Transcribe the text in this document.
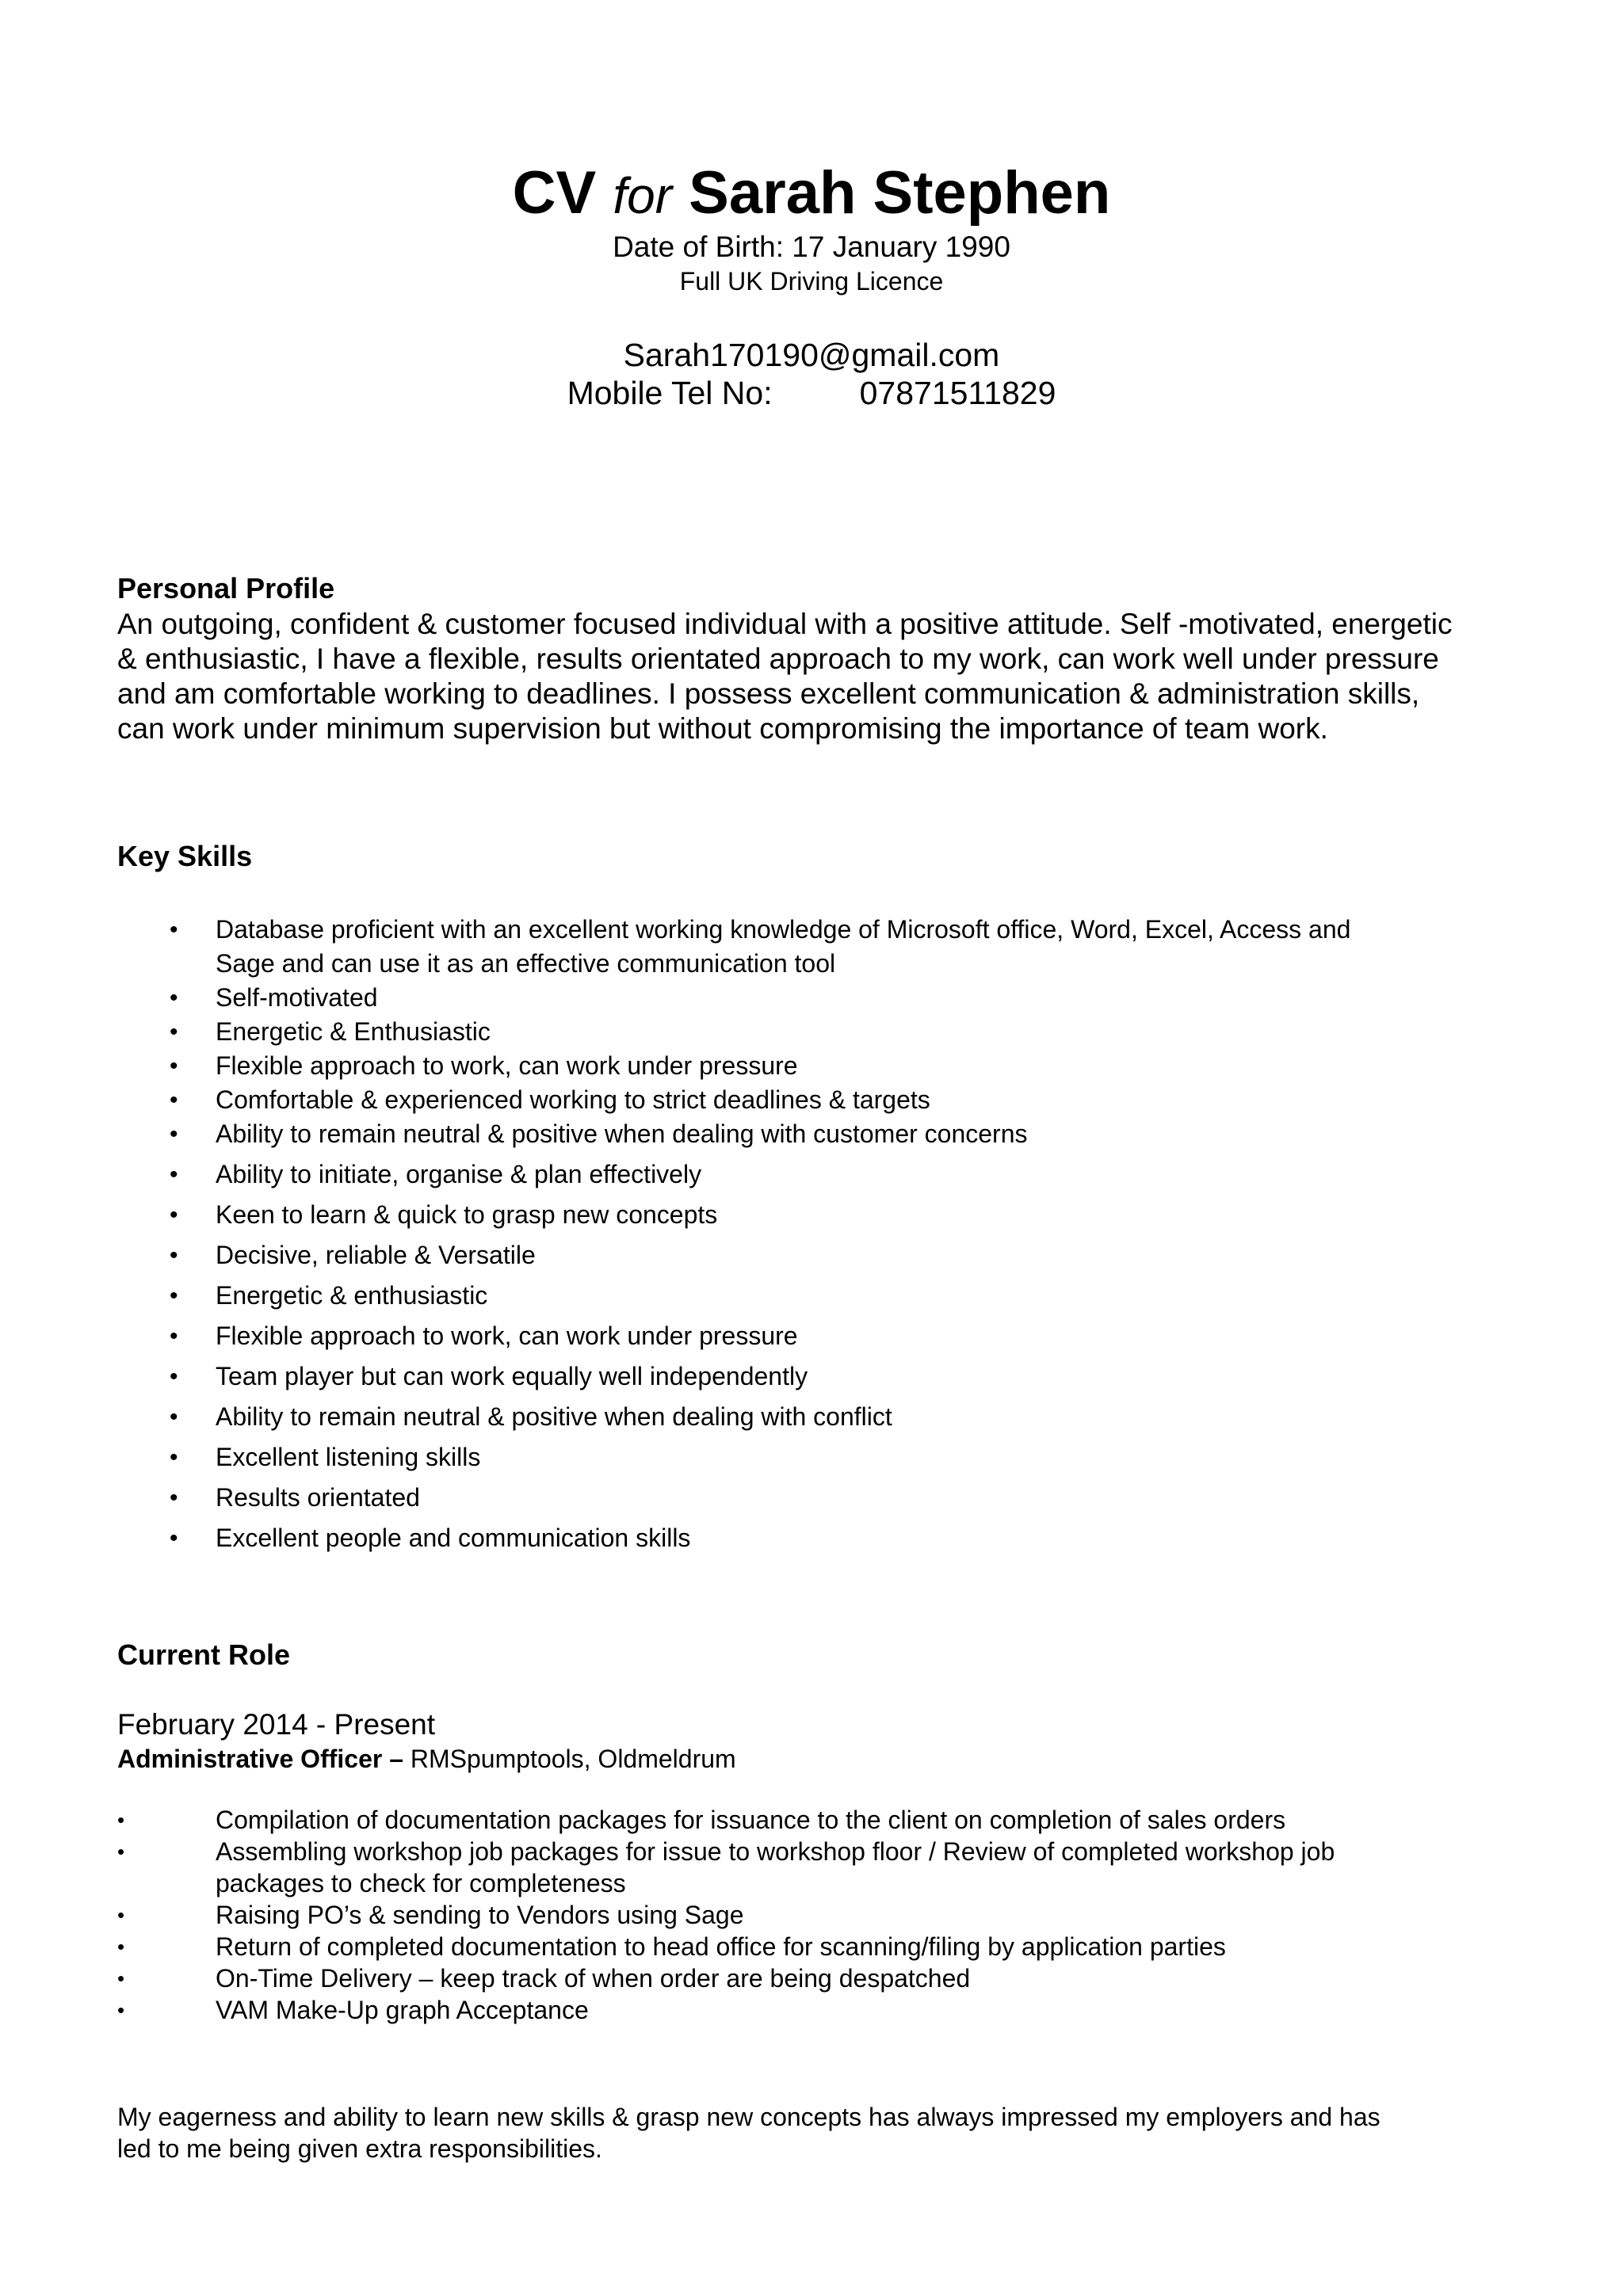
CV for Sarah Stephen
Date of Birth: 17 January 1990
Full UK Driving Licence
Sarah170190@gmail.com
Mobile Tel No:	07871511829
Personal Profile
An outgoing, confident & customer focused individual with a positive attitude. Self -motivated, energetic
& enthusiastic, I have a flexible, results orientated approach to my work, can work well under pressure
and am comfortable working to deadlines. I possess excellent communication & administration skills,
can work under minimum supervision but without compromising the importance of team work.
Key Skills
• Database proficient with an excellent working knowledge of Microsoft office, Word, Excel, Access and
Sage and can use it as an effective communication tool
• Self-motivated
• Energetic & Enthusiastic
• Flexible approach to work, can work under pressure
• Comfortable & experienced working to strict deadlines & targets
• Ability to remain neutral & positive when dealing with customer concerns
• Ability to initiate, organise & plan effectively
• Keen to learn & quick to grasp new concepts
• Decisive, reliable & Versatile
• Energetic & enthusiastic
• Flexible approach to work, can work under pressure
• Team player but can work equally well independently
• Ability to remain neutral & positive when dealing with conflict
• Excellent listening skills
• Results orientated
• Excellent people and communication skills
Current Role
February 2014 - Present
Administrative Officer – RMSpumptools, Oldmeldrum
•	Compilation of documentation packages for issuance to the client on completion of sales orders
•	Assembling workshop job packages for issue to workshop floor / Review of completed workshop job
packages to check for completeness
•	Raising PO’s & sending to Vendors using Sage
•	Return of completed documentation to head office for scanning/filing by application parties
•	On-Time Delivery – keep track of when order are being despatched
•	VAM Make-Up graph Acceptance
My eagerness and ability to learn new skills & grasp new concepts has always impressed my employers and has
led to me being given extra responsibilities.
